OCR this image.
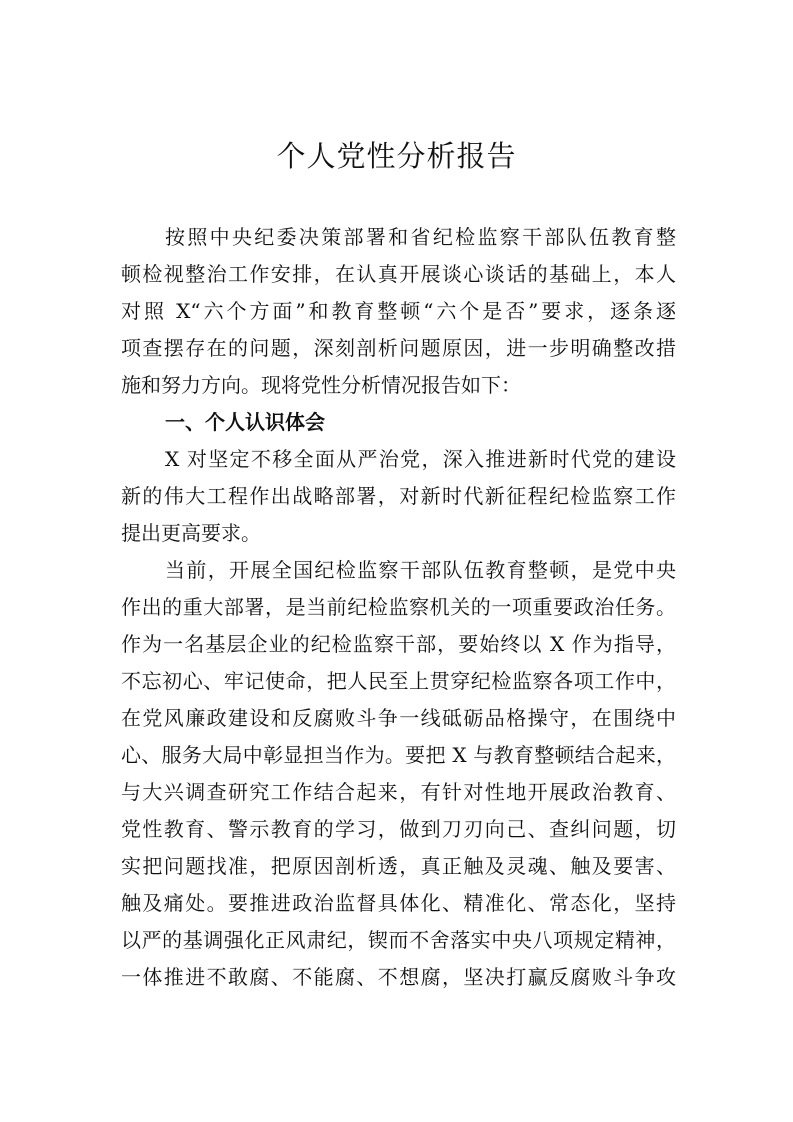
个人党性分析报告
按照中央纪委决策部署和省纪检监察干部队伍教育整
顿检视整治工作安排，在认真开展谈心谈话的基础上，本人
对照 X“六个方面”和教育整顿“六个是否”要求，逐条逐
项查摆存在的问题，深刻剖析问题原因，进一步明确整改措
施和努力方向。现将党性分析情况报告如下：
一、个人认识体会
X 对坚定不移全面从严治党，深入推进新时代党的建设
新的伟大工程作出战略部署，对新时代新征程纪检监察工作
提出更高要求。
当前，开展全国纪检监察干部队伍教育整顿，是党中央
作出的重大部署，是当前纪检监察机关的一项重要政治任务。
作为一名基层企业的纪检监察干部，要始终以 X 作为指导，
不忘初心、牢记使命，把人民至上贯穿纪检监察各项工作中，
在党风廉政建设和反腐败斗争一线砥砺品格操守，在围绕中
心、服务大局中彰显担当作为。要把 X 与教育整顿结合起来，
与大兴调查研究工作结合起来，有针对性地开展政治教育、
党性教育、警示教育的学习，做到刀刃向己、查纠问题，切
实把问题找准，把原因剖析透，真正触及灵魂、触及要害、
触及痛处。要推进政治监督具体化、精准化、常态化，坚持
以严的基调强化正风肃纪，锲而不舍落实中央八项规定精神，
一体推进不敢腐、不能腐、不想腐，坚决打赢反腐败斗争攻
